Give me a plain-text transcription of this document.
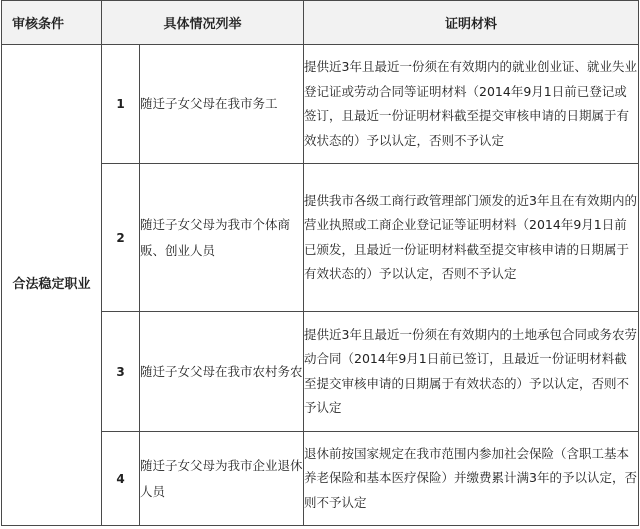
审核条件	具体情况列举		证明材料
合法稳定职业	1	随迁子女父母在我市务工	提供近3年且最近一份须在有效期内的就业创业证、就业失业登记证或劳动合同等证明材料（2014年9月1日前已登记或签订，且最近一份证明材料截至提交审核申请的日期属于有效状态的）予以认定，否则不予认定
	2	随迁子女父母为我市个体商贩、创业人员	提供我市各级工商行政管理部门颁发的近3年且在有效期内的营业执照或工商企业登记证等证明材料（2014年9月1日前已颁发，且最近一份证明材料截至提交审核申请的日期属于有效状态的）予以认定，否则不予认定
	3	随迁子女父母在我市农村务农	提供近3年且最近一份须在有效期内的土地承包合同或务农劳动合同（2014年9月1日前已签订，且最近一份证明材料截至提交审核申请的日期属于有效状态的）予以认定，否则不予认定
	4	随迁子女父母为我市企业退休人员	退休前按国家规定在我市范围内参加社会保险（含职工基本养老保险和基本医疗保险）并缴费累计满3年的予以认定，否则不予认定
